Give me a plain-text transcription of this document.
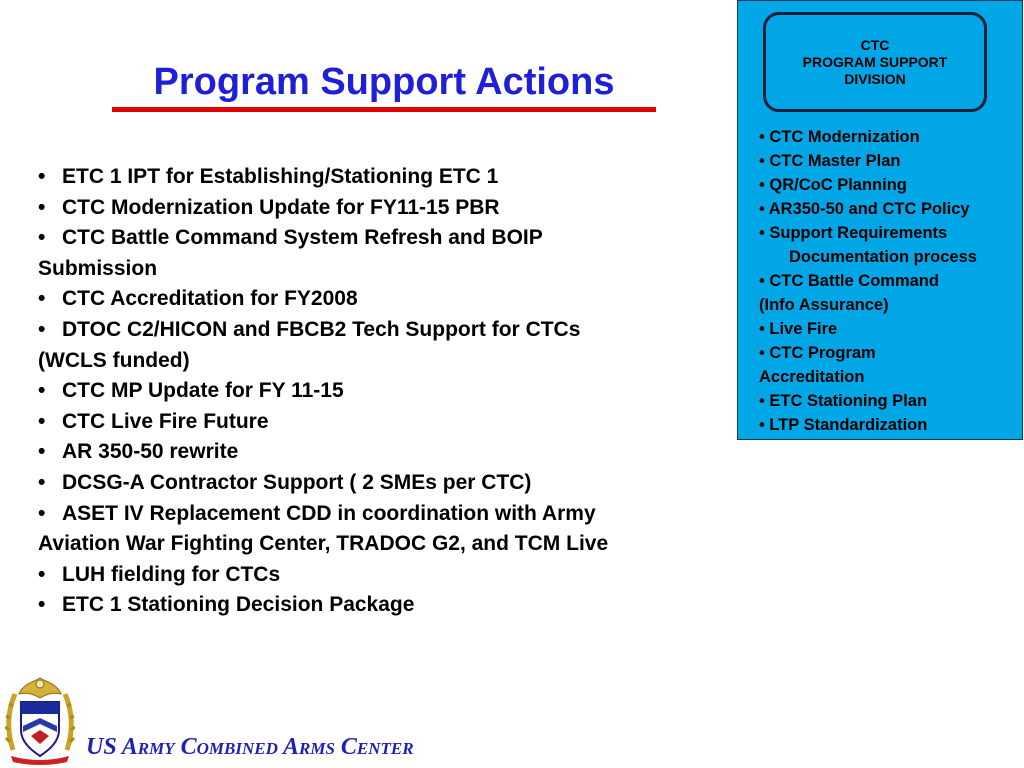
Program Support Actions
• ETC 1 IPT for Establishing/Stationing ETC 1
• CTC Modernization Update for FY11-15 PBR
• CTC Battle Command System Refresh and BOIP
Submission
• CTC Accreditation for FY2008
• DTOC C2/HICON and FBCB2 Tech Support for CTCs
(WCLS funded)
• CTC MP Update for FY 11-15
• CTC Live Fire Future
• AR 350-50 rewrite
• DCSG-A Contractor Support ( 2 SMEs per CTC)
• ASET IV Replacement CDD in coordination with Army
Aviation War Fighting Center, TRADOC G2, and TCM Live
• LUH fielding for CTCs
• ETC 1 Stationing Decision Package
CTC
PROGRAM SUPPORT
DIVISION
• CTC Modernization
• CTC Master Plan
• QR/CoC Planning
• AR350-50 and CTC Policy
• Support Requirements
Documentation process
• CTC Battle Command
(Info Assurance)
• Live Fire
• CTC Program
Accreditation
• ETC Stationing Plan
• LTP Standardization
US Army Combined Arms Center
